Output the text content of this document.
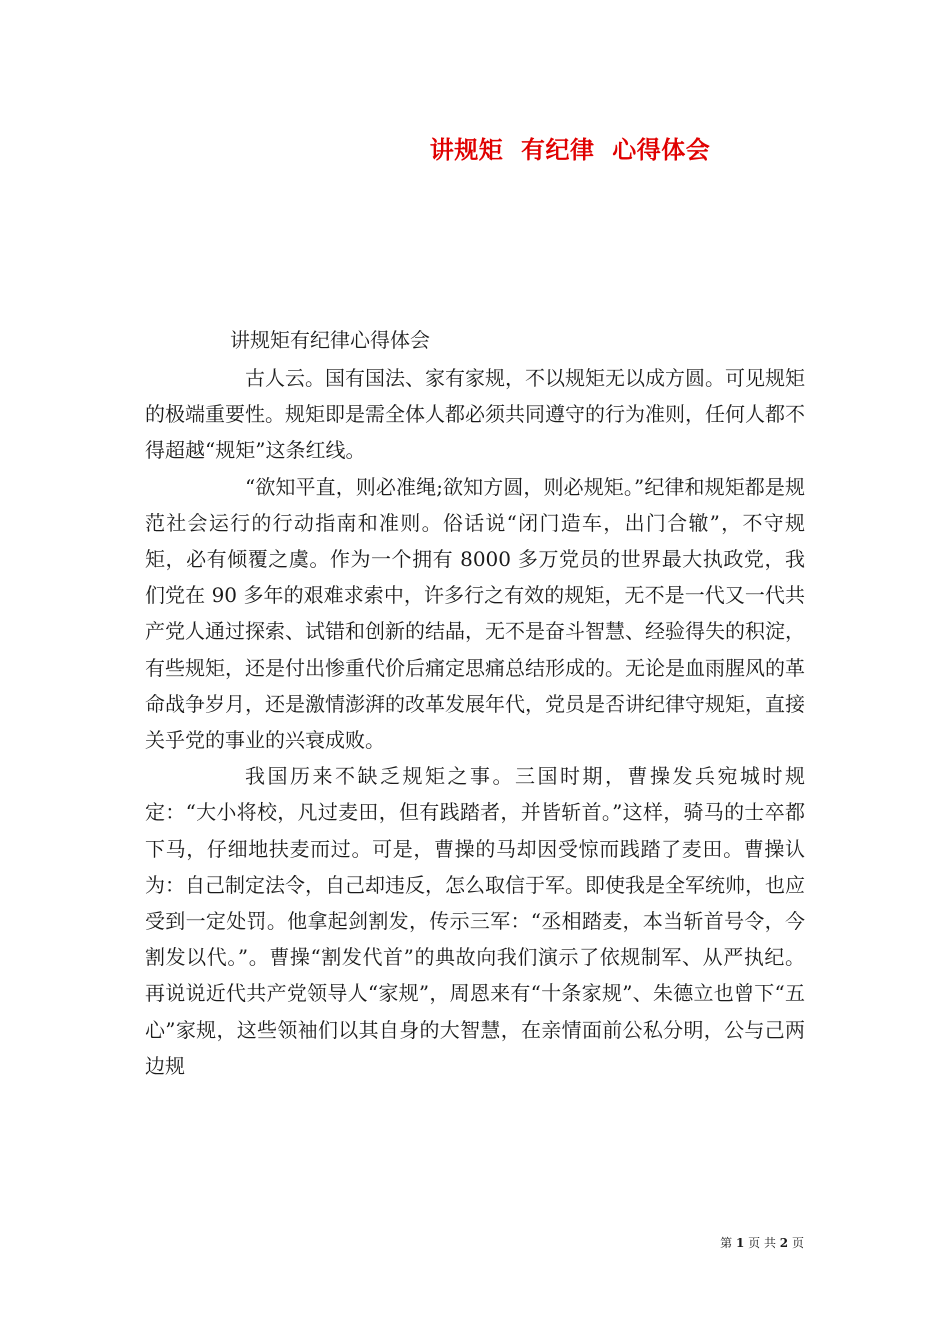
讲规矩  有纪律  心得体会
讲规矩有纪律心得体会

古人云。国有国法、家有家规，不以规矩无以成方圆。可见规矩的极端重要性。规矩即是需全体人都必须共同遵守的行为准则，任何人都不得超越“规矩”这条红线。

“欲知平直，则必准绳;欲知方圆，则必规矩。”纪律和规矩都是规范社会运行的行动指南和准则。俗话说“闭门造车，出门合辙”，不守规矩，必有倾覆之虞。作为一个拥有 8000 多万党员的世界最大执政党，我们党在 90 多年的艰难求索中，许多行之有效的规矩，无不是一代又一代共产党人通过探索、试错和创新的结晶，无不是奋斗智慧、经验得失的积淀，有些规矩，还是付出惨重代价后痛定思痛总结形成的。无论是血雨腥风的革命战争岁月，还是激情澎湃的改革发展年代，党员是否讲纪律守规矩，直接关乎党的事业的兴衰成败。

我国历来不缺乏规矩之事。三国时期，曹操发兵宛城时规定：“大小将校，凡过麦田，但有践踏者，并皆斩首。”这样，骑马的士卒都下马，仔细地扶麦而过。可是，曹操的马却因受惊而践踏了麦田。曹操认为：自己制定法令，自己却违反，怎么取信于军。即使我是全军统帅，也应受到一定处罚。他拿起剑割发，传示三军：“丞相踏麦，本当斩首号令，今割发以代。”。曹操“割发代首”的典故向我们演示了依规制军、从严执纪。再说说近代共产党领导人“家规”，周恩来有“十条家规”、朱德立也曾下“五心”家规，这些领袖们以其自身的大智慧，在亲情面前公私分明，公与己两边规

第 1 页 共 2 页
